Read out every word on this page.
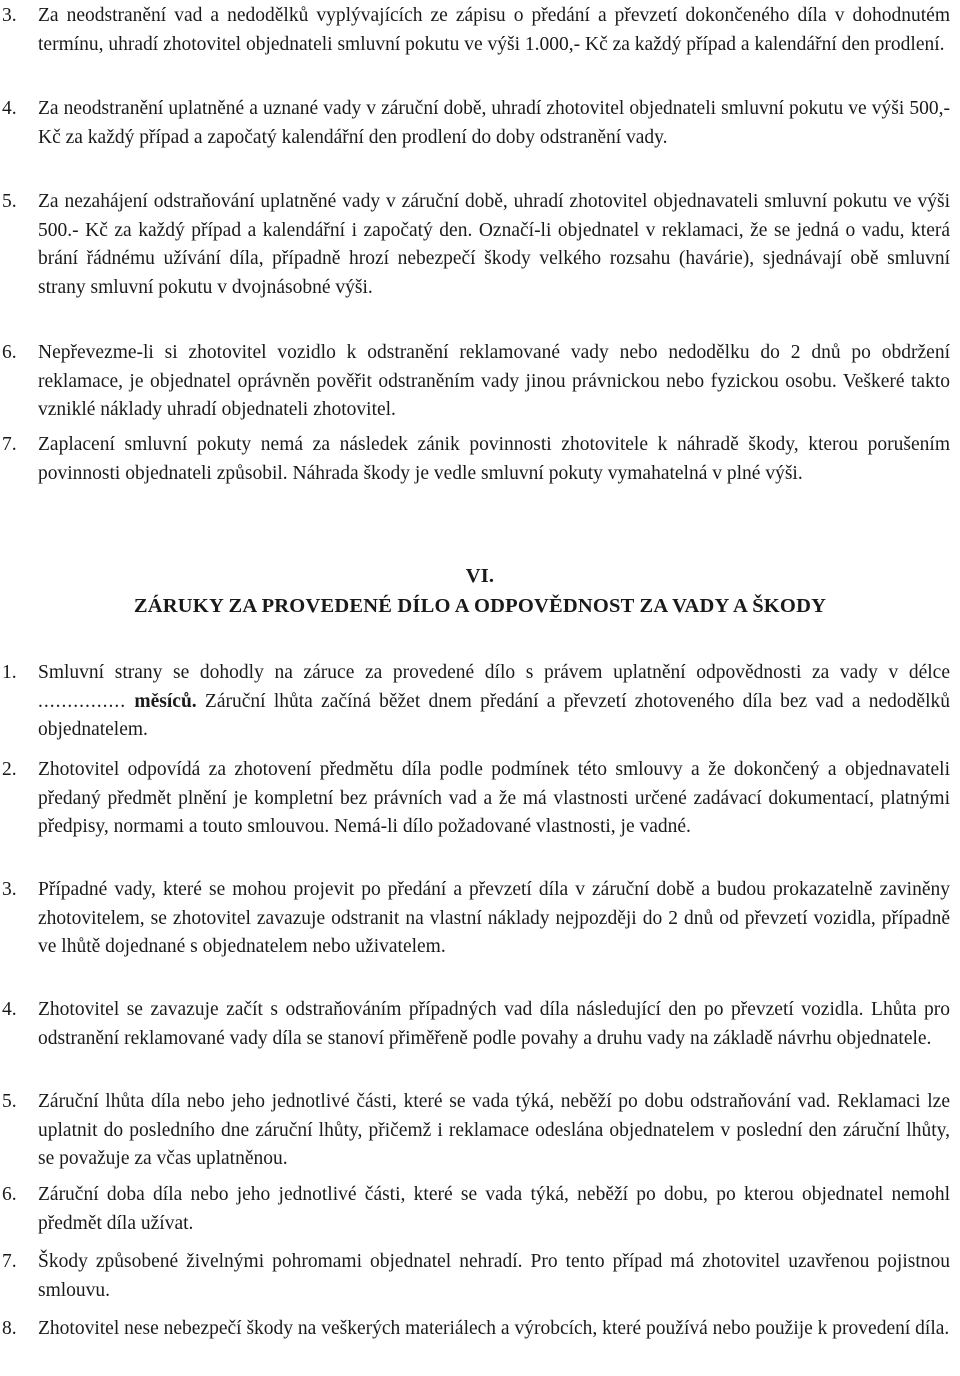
3.	Za neodstranění vad a nedodělků vyplývajících ze zápisu o předání a převzetí dokončeného díla v dohodnutém termínu, uhradí zhotovitel objednateli smluvní pokutu ve výši 1.000,- Kč za každý případ a kalendářní den prodlení.
4.	Za neodstranění uplatněné a uznané vady v záruční době, uhradí zhotovitel objednateli smluvní pokutu ve výši 500,- Kč za každý případ a započatý kalendářní den prodlení do doby odstranění vady.
5.	Za nezahájení odstraňování uplatněné vady v záruční době, uhradí zhotovitel objednavateli smluvní pokutu ve výši 500.- Kč za každý případ a kalendářní i započatý den. Označí-li objednatel v reklamaci, že se jedná o vadu, která brání řádnému užívání díla, případně hrozí nebezpečí škody velkého rozsahu (havárie), sjednávají obě smluvní strany smluvní pokutu v dvojnásobné výši.
6.	Nepřevezme-li si zhotovitel vozidlo k odstranění reklamované vady nebo nedodělku do 2 dnů po obdržení reklamace, je objednatel oprávněn pověřit odstraněním vady jinou právnickou nebo fyzickou osobu. Veškeré takto vzniklé náklady uhradí objednateli zhotovitel.
7.	Zaplacení smluvní pokuty nemá za následek zánik povinnosti zhotovitele k náhradě škody, kterou porušením povinnosti objednateli způsobil. Náhrada škody je vedle smluvní pokuty vymahatelná v plné výši.
VI.
ZÁRUKY ZA PROVEDENÉ DÍLO A ODPOVĚDNOST ZA VADY A ŠKODY
1.	Smluvní strany se dohodly na záruce za provedené dílo s právem uplatnění odpovědnosti za vady v délce ............... měsíců. Záruční lhůta začíná běžet dnem předání a převzetí zhotoveného díla bez vad a nedodělků objednatelem.
2.	Zhotovitel odpovídá za zhotovení předmětu díla podle podmínek této smlouvy a že dokončený a objednavateli předaný předmět plnění je kompletní bez právních vad a že má vlastnosti určené zadávací dokumentací, platnými předpisy, normami a touto smlouvou. Nemá-li dílo požadované vlastnosti, je vadné.
3.	Případné vady, které se mohou projevit po předání a převzetí díla v záruční době a budou prokazatelně zaviněny zhotovitelem, se zhotovitel zavazuje odstranit na vlastní náklady nejpozději do 2 dnů od převzetí vozidla, případně ve lhůtě dojednané s objednatelem nebo uživatelem.
4.	Zhotovitel se zavazuje začít s odstraňováním případných vad díla následující den po převzetí vozidla. Lhůta pro odstranění reklamované vady díla se stanoví přiměřeně podle povahy a druhu vady na základě návrhu objednatele.
5.	Záruční lhůta díla nebo jeho jednotlivé části, které se vada týká, neběží po dobu odstraňování vad. Reklamaci lze uplatnit do posledního dne záruční lhůty, přičemž i reklamace odeslána objednatelem v poslední den záruční lhůty, se považuje za včas uplatněnou.
6.	Záruční doba díla nebo jeho jednotlivé části, které se vada týká, neběží po dobu, po kterou objednatel nemohl předmět díla užívat.
7.	Škody způsobené živelnými pohromami objednatel nehradí. Pro tento případ má zhotovitel uzavřenou pojistnou smlouvu.
8.	Zhotovitel nese nebezpečí škody na veškerých materiálech a výrobcích, které používá nebo použije k provedení díla.
